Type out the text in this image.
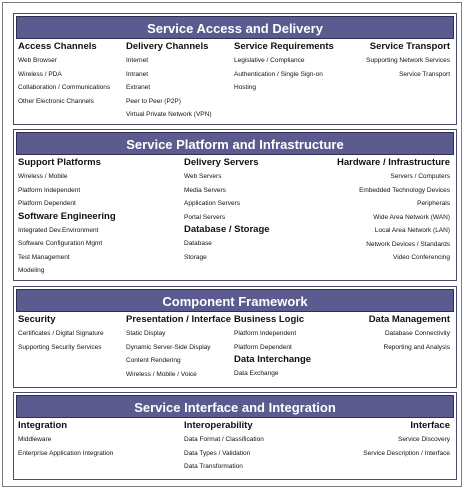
Service Access and Delivery
Access Channels
Web Browser
Wireless / PDA
Collaboration / Communications
Other Electronic Channels
Delivery Channels
Internet
Intranet
Extranet
Peer to Peer (P2P)
Virtual Private Network (VPN)
Service Requirements
Legislative / Compliance
Authentication / Single Sign-on
Hosting
Service Transport
Supporting Network Services
Service Transport
Service Platform and Infrastructure
Support Platforms
Wireless / Mobile
Platform Independent
Platform Dependent
Software Engineering
Integrated Dev.Environment
Software Configuration Mgmt
Test Management
Modeling
Delivery Servers
Web Servers
Media Servers
Application Servers
Portal Servers
Database / Storage
Database
Storage
Hardware / Infrastructure
Servers / Computers
Embedded Technology Devices
Peripherals
Wide Area Network (WAN)
Local Area Network (LAN)
Network Devices / Standards
Video Conferencing
Component Framework
Security
Certificates / Digital Signature
Supporting Security Services
Presentation / Interface
Static Display
Dynamic Server-Side Display
Content Rendering
Wireless / Mobile / Voice
Business Logic
Platform Independent
Platform Dependent
Data Interchange
Data Exchange
Data Management
Database Connectivity
Reporting and Analysis
Service Interface and Integration
Integration
Middleware
Enterprise Application Integration
Interoperability
Data Format / Classification
Data Types / Validation
Data Transformation
Interface
Service Discovery
Service Description / Interface
